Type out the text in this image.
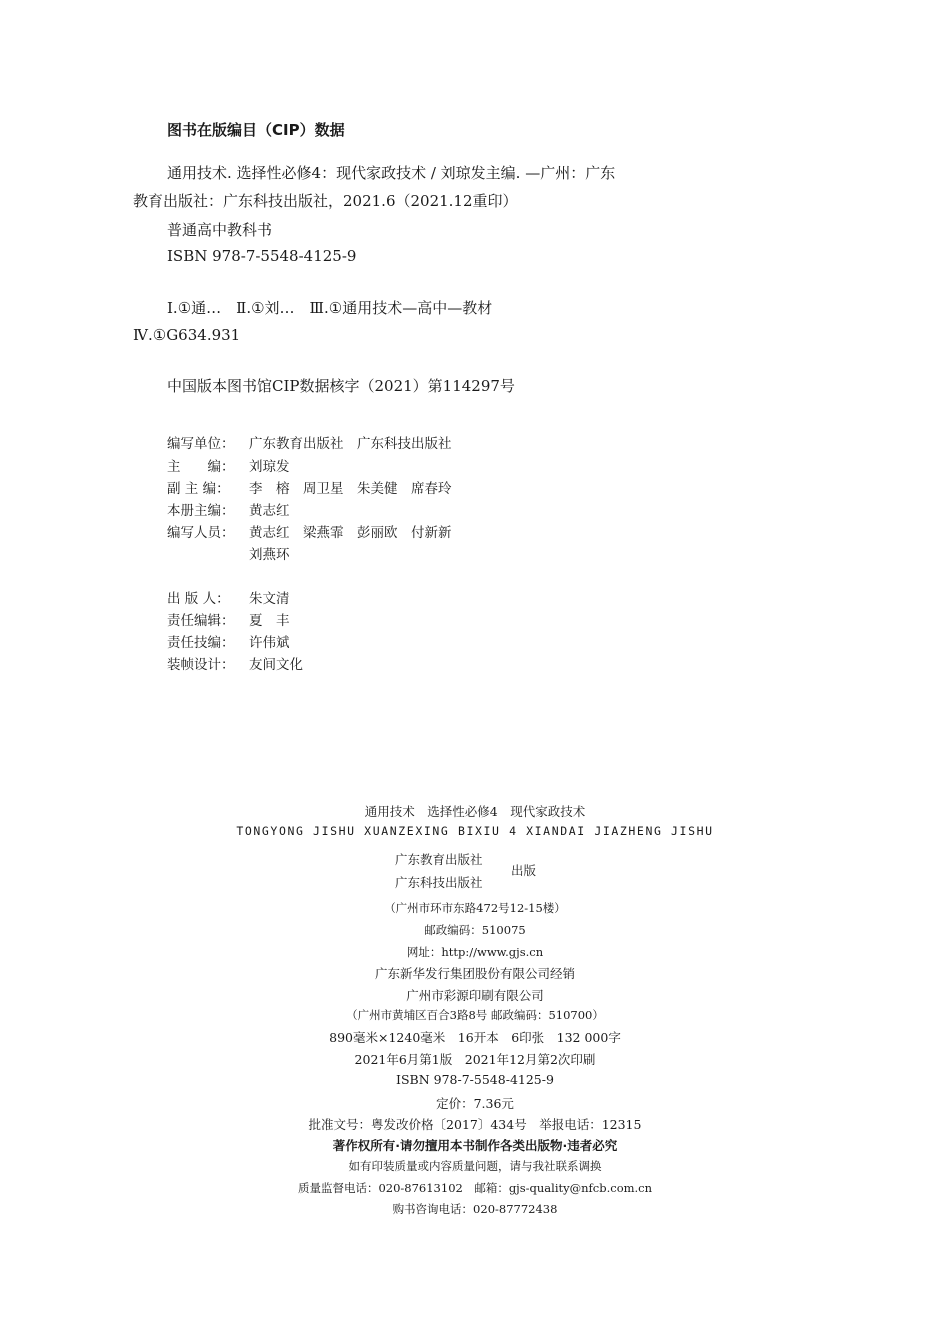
图书在版编目（CIP）数据
通用技术. 选择性必修4：现代家政技术 / 刘琼发主编. —广州：广东
教育出版社：广东科技出版社，2021.6（2021.12重印）
普通高中教科书
ISBN 978-7-5548-4125-9
Ⅰ.①通…　Ⅱ.①刘…　Ⅲ.①通用技术—高中—教材
Ⅳ.①G634.931
中国版本图书馆CIP数据核字（2021）第114297号
编写单位： 广东教育出版社　广东科技出版社
主　　编： 刘琼发
副 主 编： 李　榕　周卫星　朱美健　席春玲
本册主编： 黄志红
编写人员： 黄志红　梁燕霏　彭丽欧　付新新
刘燕环
出 版 人： 朱文清
责任编辑： 夏　丰
责任技编： 许伟斌
装帧设计： 友间文化
通用技术　选择性必修4　现代家政技术
TONGYONG JISHU XUANZEXING BIXIU 4 XIANDAI JIAZHENG JISHU
广东教育出版社
广东科技出版社
出版
（广州市环市东路472号12-15楼）
邮政编码：510075
网址：http://www.gjs.cn
广东新华发行集团股份有限公司经销
广州市彩源印刷有限公司
（广州市黄埔区百合3路8号 邮政编码：510700）
890毫米×1240毫米　16开本　6印张　132 000字
2021年6月第1版　2021年12月第2次印刷
ISBN 978-7-5548-4125-9
定价：7.36元
批准文号：粤发改价格〔2017〕434号　举报电话：12315
著作权所有·请勿擅用本书制作各类出版物·违者必究
如有印装质量或内容质量问题，请与我社联系调换
质量监督电话：020-87613102　邮箱：gjs-quality@nfcb.com.cn
购书咨询电话：020-87772438
